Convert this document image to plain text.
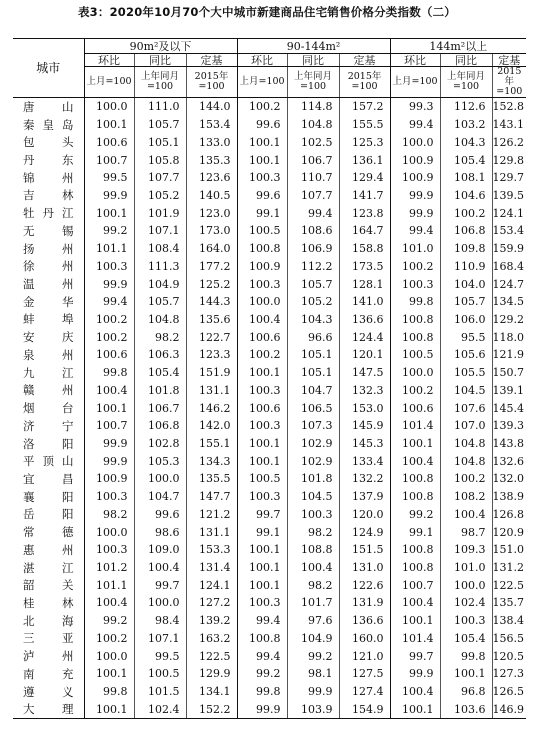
表3：2020年10月70个大中城市新建商品住宅销售价格分类指数（二）
城市	90m²及以下			90-144m²			144m²以上		
	环比	同比	定基	环比	同比	定基	环比	同比	定基
	上月=100	上年同月=100	2015年=100	上月=100	上年同月=100	2015年=100	上月=100	上年同月=100	2015年=100
唐山	100.0	111.0	144.0	100.2	114.8	157.2	99.3	112.6	152.8
秦皇岛	100.1	105.7	153.4	99.6	104.8	155.5	99.4	103.2	143.1
包头	100.6	105.1	133.0	100.1	102.5	125.3	100.0	104.3	126.2
丹东	100.7	105.8	135.3	100.1	106.7	136.1	100.9	105.4	129.8
锦州	99.5	107.7	123.6	100.3	110.7	129.4	100.9	108.1	129.7
吉林	99.9	105.2	140.5	99.6	107.7	141.7	99.9	104.6	139.5
牡丹江	100.1	101.9	123.0	99.1	99.4	123.8	99.9	100.2	124.1
无锡	99.2	107.1	173.0	100.5	108.6	164.7	99.4	106.8	153.4
扬州	101.1	108.4	164.0	100.8	106.9	158.8	101.0	109.8	159.9
徐州	100.3	111.3	177.2	100.9	112.2	173.5	100.2	110.9	168.4
温州	99.9	104.9	125.2	100.3	105.7	128.1	100.3	104.0	124.7
金华	99.4	105.7	144.3	100.0	105.2	141.0	99.8	105.7	134.5
蚌埠	100.2	104.8	135.6	100.4	104.3	136.6	100.8	106.0	129.2
安庆	100.2	98.2	122.7	100.6	96.6	124.4	100.8	95.5	118.0
泉州	100.6	106.3	123.3	100.2	105.1	120.1	100.5	105.6	121.9
九江	99.8	105.4	151.9	100.1	105.1	147.5	100.0	105.5	150.7
赣州	100.4	101.8	131.1	100.3	104.7	132.3	100.2	104.5	139.1
烟台	100.1	106.7	146.2	100.6	106.5	153.0	100.6	107.6	145.4
济宁	100.7	106.8	142.0	100.3	107.3	145.9	101.4	107.0	139.3
洛阳	99.9	102.8	155.1	100.1	102.9	145.3	100.1	104.8	143.8
平顶山	99.9	105.3	134.3	100.1	102.9	133.4	100.4	104.8	132.6
宜昌	100.9	100.0	135.5	100.5	101.8	132.2	100.8	100.2	132.0
襄阳	100.3	104.7	147.7	100.3	104.5	137.9	100.8	108.2	138.9
岳阳	98.2	99.6	121.2	99.7	100.3	120.0	99.2	100.4	126.8
常德	100.0	98.6	131.1	99.1	98.2	124.9	99.1	98.7	120.9
惠州	100.3	109.0	153.3	100.1	108.8	151.5	100.8	109.3	151.0
湛江	101.2	100.4	131.4	100.1	100.4	131.0	100.8	101.0	131.2
韶关	101.1	99.7	124.1	100.1	98.2	122.6	100.7	100.0	122.5
桂林	100.4	100.0	127.2	100.3	101.7	131.9	100.4	102.4	135.7
北海	99.2	98.4	139.2	99.4	97.6	136.6	100.1	100.3	138.4
三亚	100.2	107.1	163.2	100.8	104.9	160.0	101.4	105.4	156.5
泸州	100.0	99.5	122.5	99.4	99.2	121.0	99.7	99.8	120.5
南充	100.1	100.5	129.9	99.2	98.1	127.5	99.9	100.1	127.3
遵义	99.8	101.5	134.1	99.8	99.9	127.4	100.4	96.8	126.5
大理	100.1	102.4	152.2	99.9	103.9	154.9	100.1	103.6	146.9
